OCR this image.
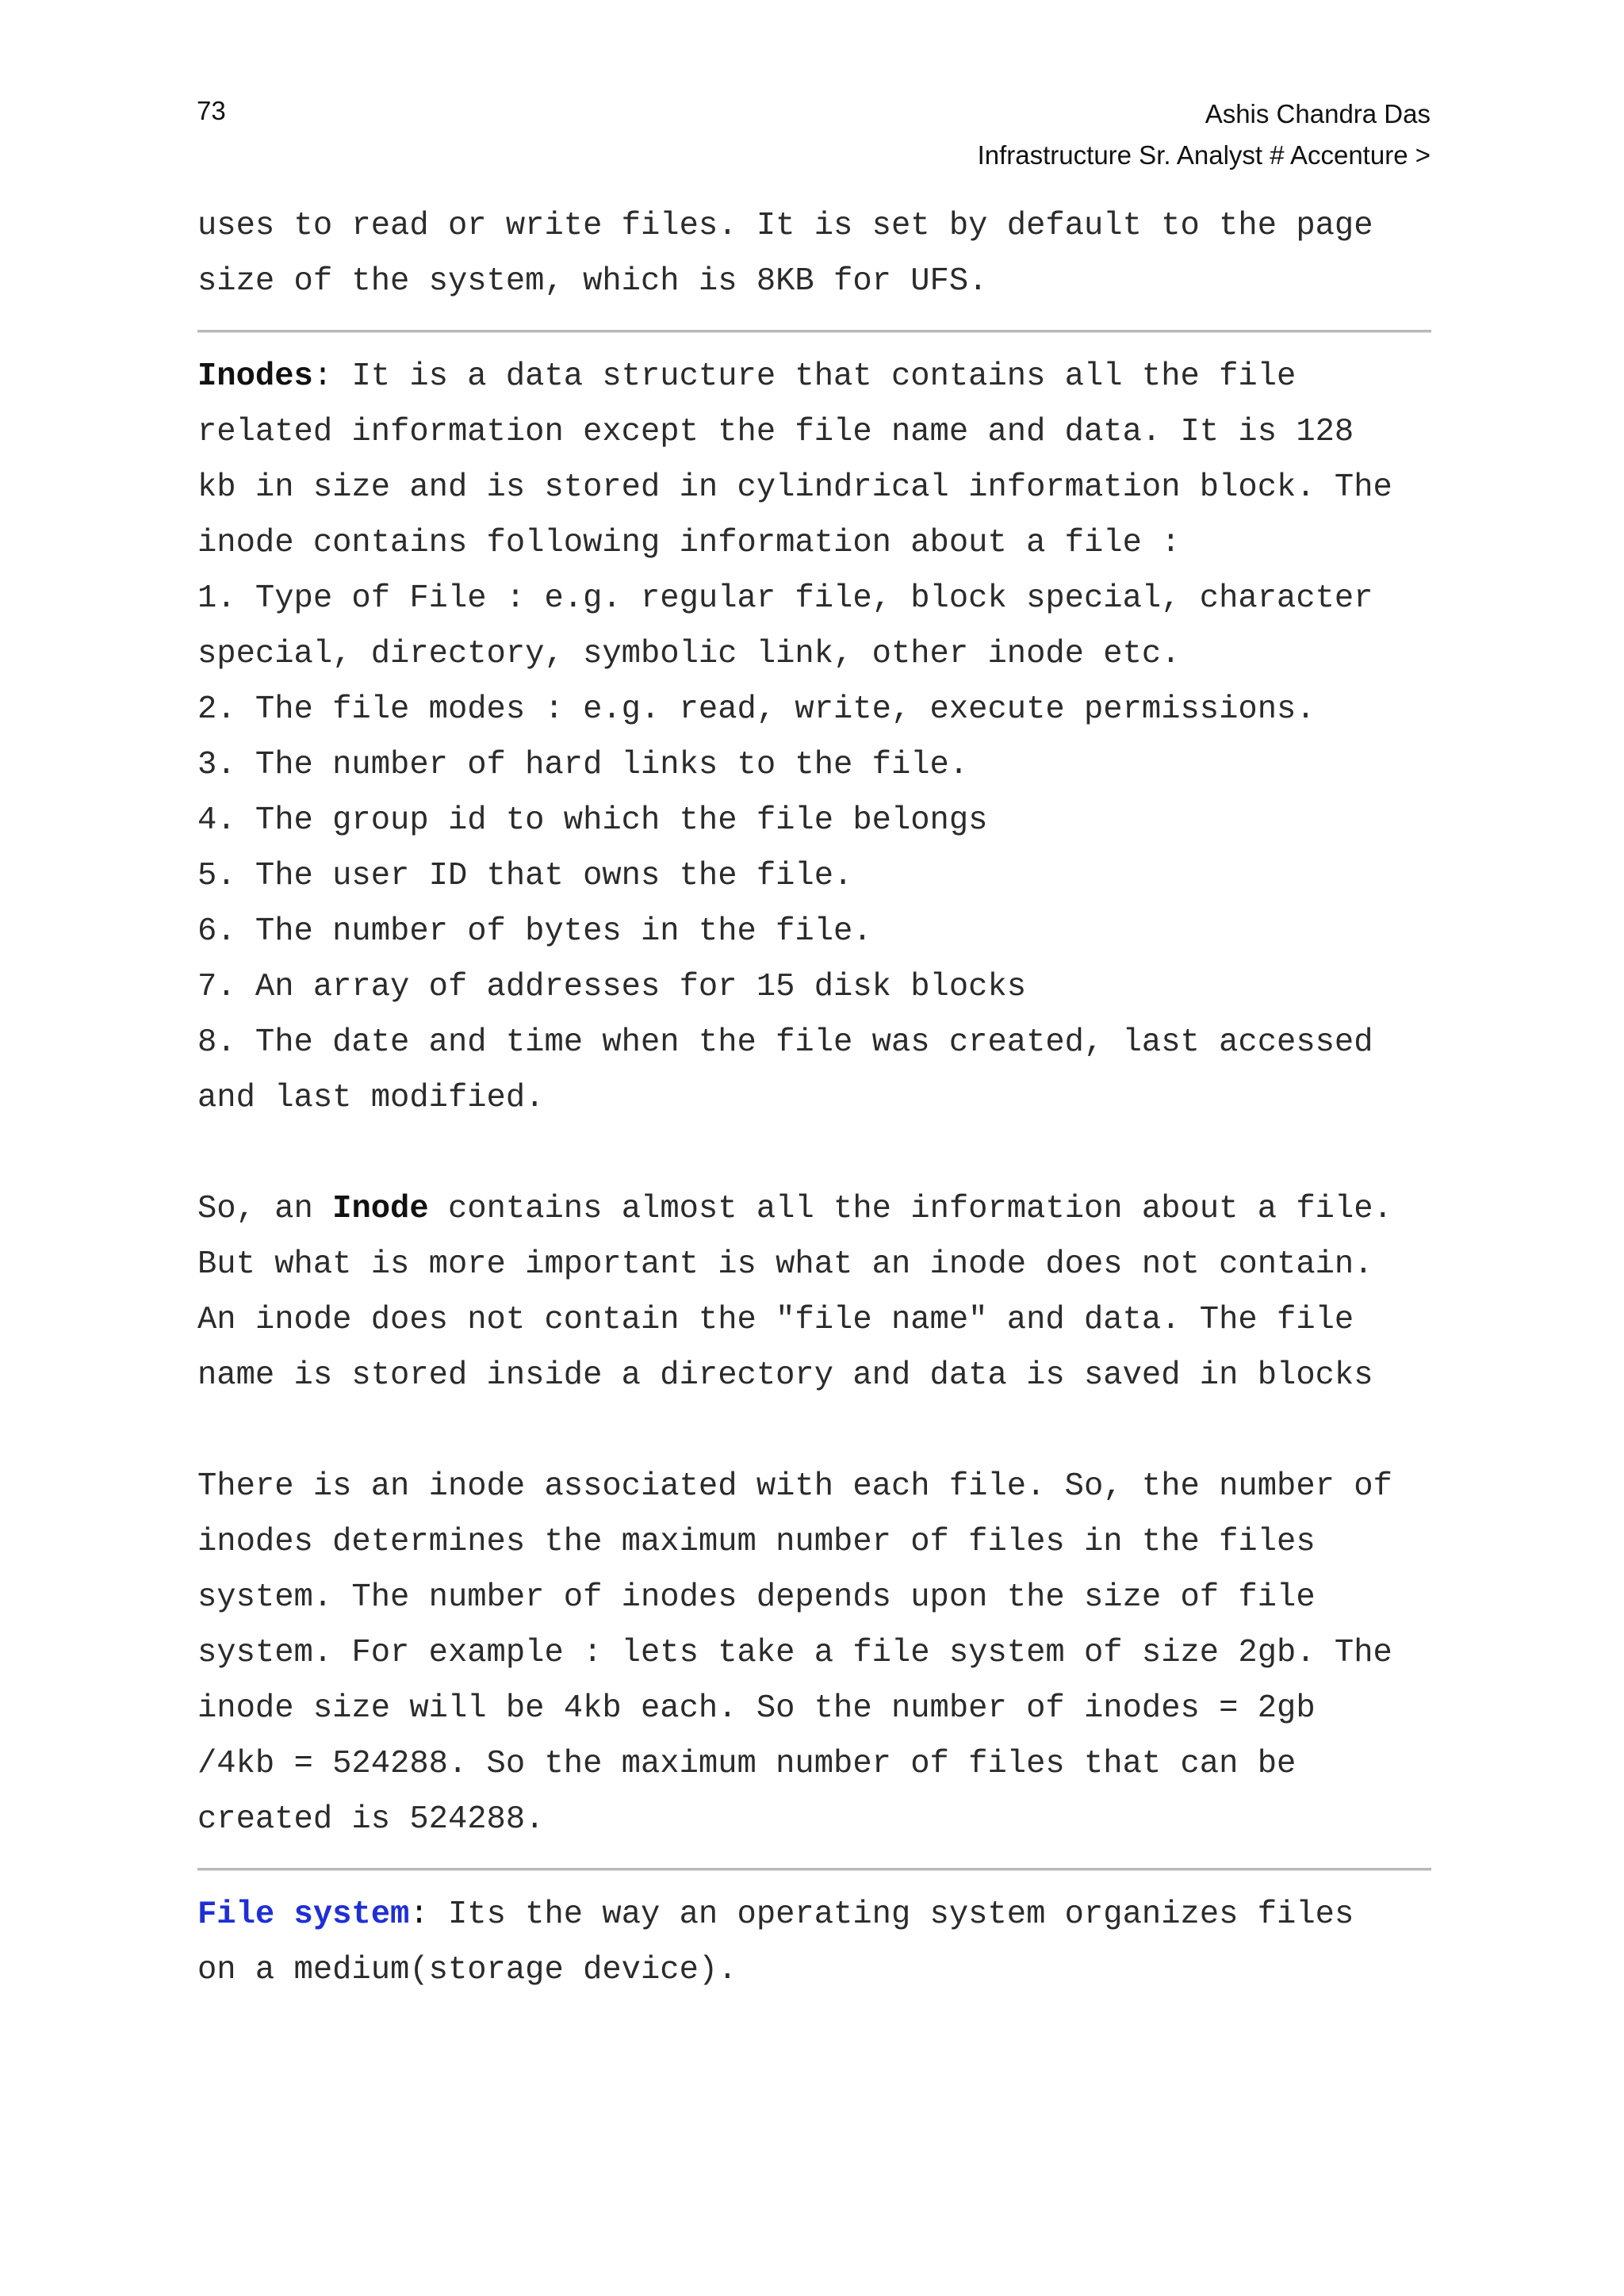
73	Ashis Chandra Das
Infrastructure Sr. Analyst # Accenture >

uses to read or write files. It is set by default to the page

size of the system, which is 8KB for UFS.

Inodes: It is a data structure that contains all the file

related information except the file name and data. It is 128

kb in size and is stored in cylindrical information block. The

inode contains following information about a file :

1. Type of File : e.g. regular file, block special, character

special, directory, symbolic link, other inode etc.

2. The file modes : e.g. read, write, execute permissions.

3. The number of hard links to the file.

4. The group id to which the file belongs

5. The user ID that owns the file.

6. The number of bytes in the file.

7. An array of addresses for 15 disk blocks

8. The date and time when the file was created, last accessed

and last modified.

So, an Inode contains almost all the information about a file.

But what is more important is what an inode does not contain.

An inode does not contain the "file name" and data. The file

name is stored inside a directory and data is saved in blocks

There is an inode associated with each file. So, the number of

inodes determines the maximum number of files in the files

system. The number of inodes depends upon the size of file

system. For example : lets take a file system of size 2gb. The

inode size will be 4kb each. So the number of inodes = 2gb

/4kb = 524288. So the maximum number of files that can be

created is 524288.

File system: Its the way an operating system organizes files

on a medium(storage device).
